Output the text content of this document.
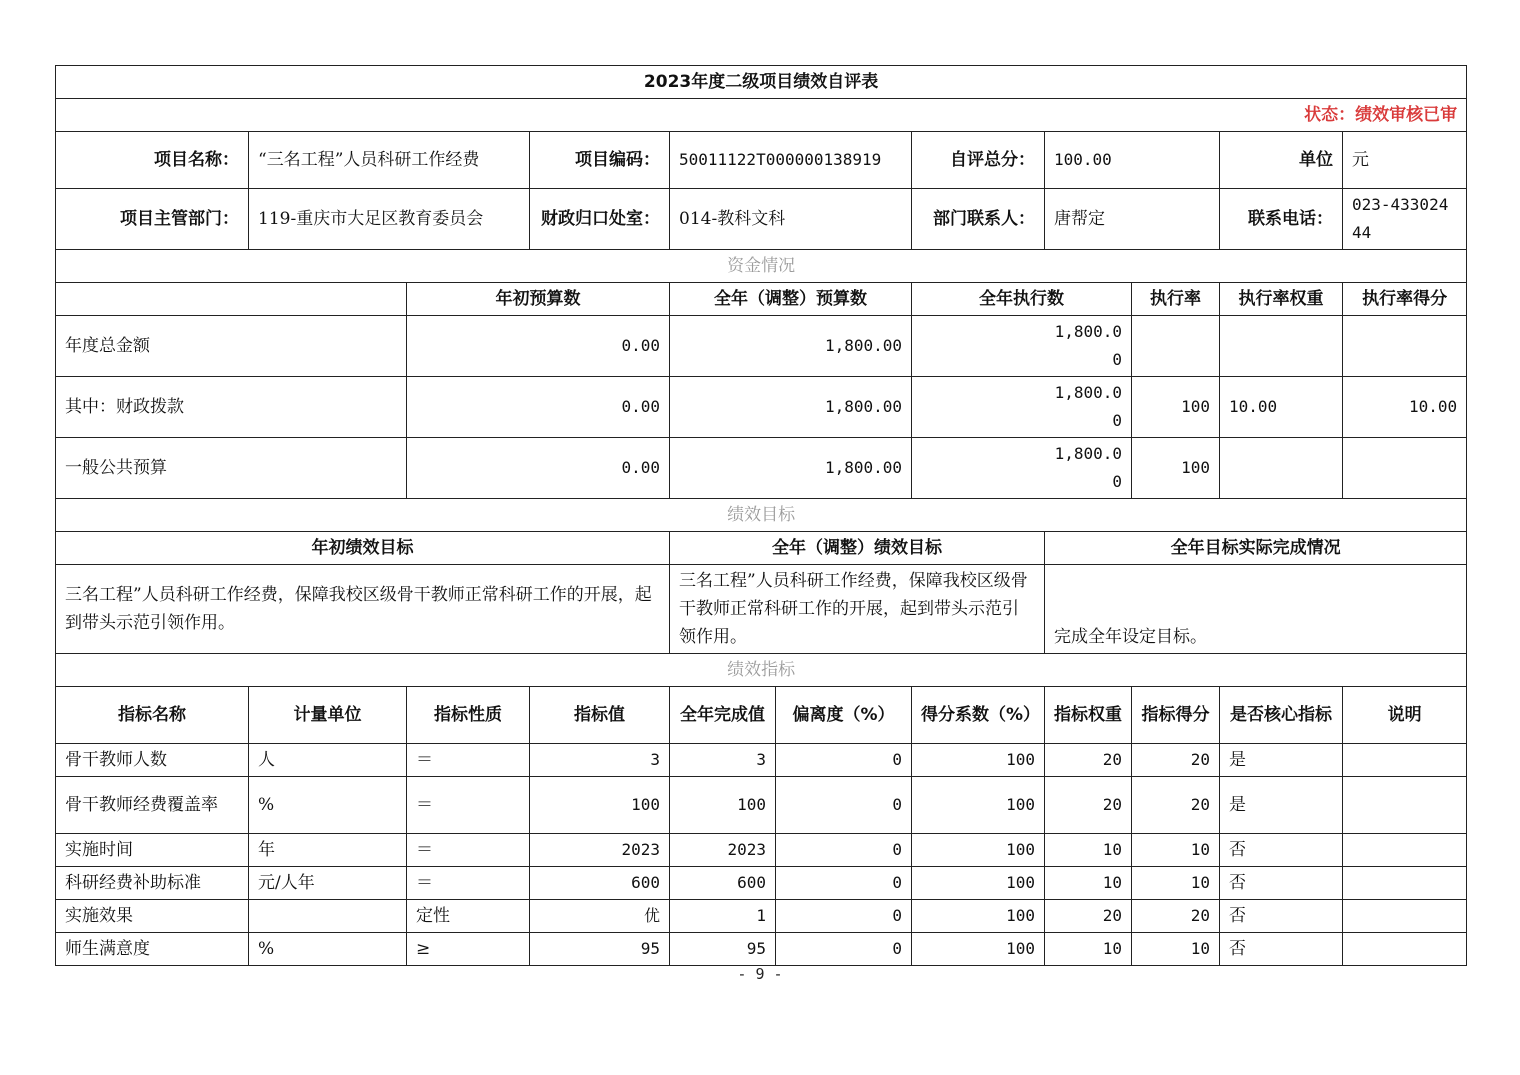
2023年度二级项目绩效自评表										
状态：绩效审核已审										
项目名称：	“三名工程”人员科研工作经费		项目编码：	50011122T000000138919		自评总分：	100.00		单位	元
项目主管部门：	119-重庆市大足区教育委员会		财政归口处室：	014-教科文科		部门联系人：	唐帮定		联系电话：	023-43302444
资金情况										
		年初预算数		全年（调整）预算数		全年执行数		执行率	执行率权重	执行率得分
年度总金额		0.00		1,800.00		1,800.00				
其中：财政拨款		0.00		1,800.00		1,800.00		100	10.00	10.00
一般公共预算		0.00		1,800.00		1,800.00		100		
绩效目标										
年初绩效目标				全年（调整）绩效目标			全年目标实际完成情况			
三名工程”人员科研工作经费，保障我校区级骨干教师正常科研工作的开展，起到带头示范引领作用。				三名工程”人员科研工作经费，保障我校区级骨干教师正常科研工作的开展，起到带头示范引领作用。			完成全年设定目标。			
绩效指标										
指标名称	计量单位	指标性质	指标值	全年完成值	偏离度（%）	得分系数（%）	指标权重	指标得分	是否核心指标	说明
骨干教师人数	人	＝	3	3	0	100	20	20	是	
骨干教师经费覆盖率	%	＝	100	100	0	100	20	20	是	
实施时间	年	＝	2023	2023	0	100	10	10	否	
科研经费补助标准	元/人年	＝	600	600	0	100	10	10	否	
实施效果		定性	优	1	0	100	20	20	否	
师生满意度	%	≥	95	95	0	100	10	10	否	
- 9 -
